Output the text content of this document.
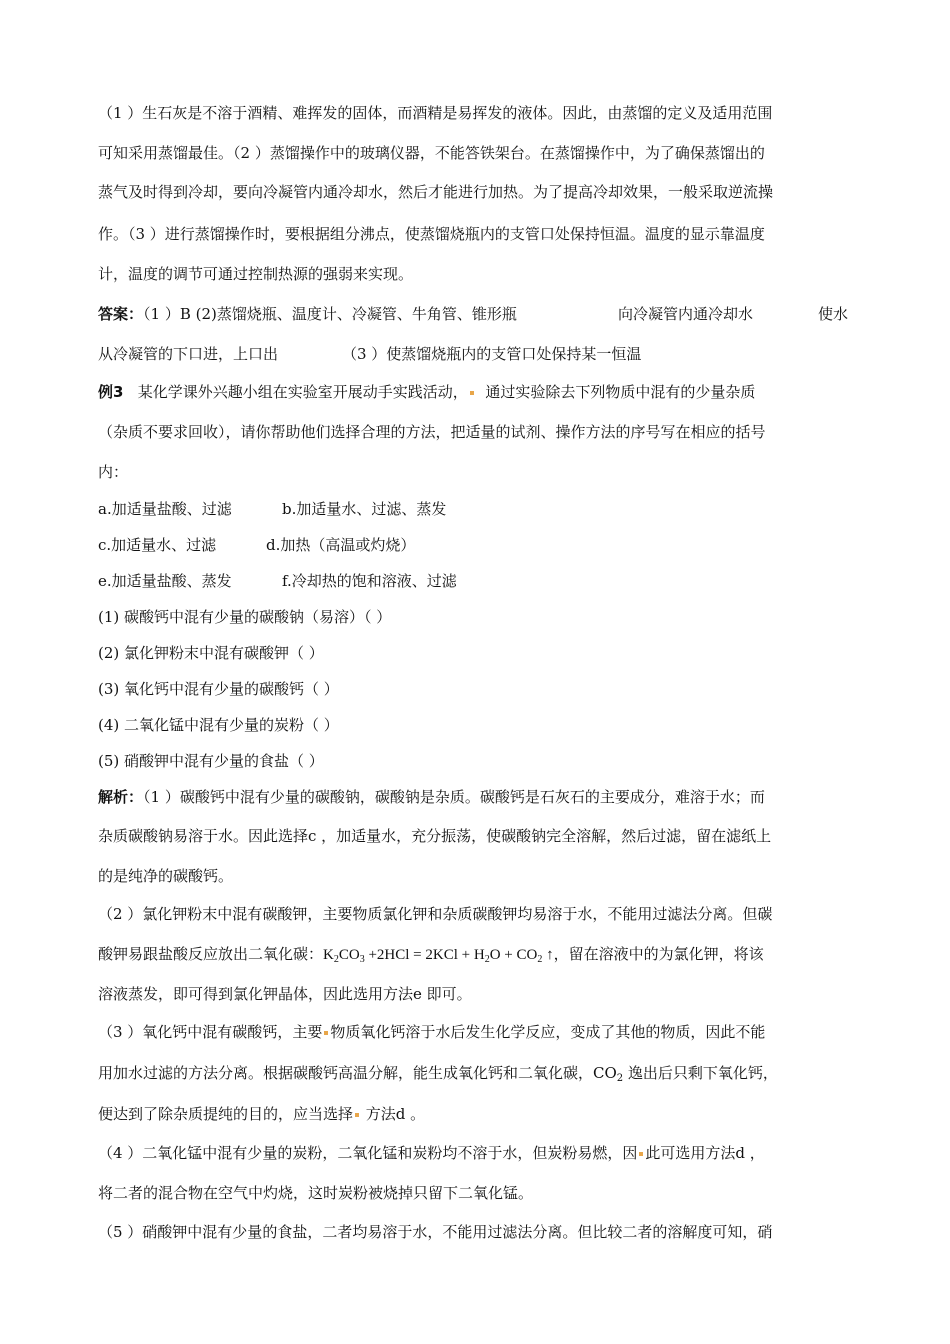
（1 ）生石灰是不溶于酒精、难挥发的固体，而酒精是易挥发的液体。因此，由蒸馏的定义及适用范围
可知采用蒸馏最佳。（2 ）蒸馏操作中的玻璃仪器，不能答铁架台。在蒸馏操作中，为了确保蒸馏出的
蒸气及时得到冷却，要向冷凝管内通冷却水，然后才能进行加热。为了提高冷却效果，一般采取逆流操
作。（3 ）进行蒸馏操作时，要根据组分沸点，使蒸馏烧瓶内的支管口处保持恒温。温度的显示靠温度
计，温度的调节可通过控制热源的强弱来实现。
答案：（1 ）B (2)蒸馏烧瓶、温度计、冷凝管、牛角管、锥形瓶	向冷凝管内通冷却水	使水
从冷凝管的下口进，上口出	（3 ）使蒸馏烧瓶内的支管口处保持某一恒温
例3 某化学课外兴趣小组在实验室开展动手实践活动， 通过实验除去下列物质中混有的少量杂质
（杂质不要求回收），请你帮助他们选择合理的方法，把适量的试剂、操作方法的序号写在相应的括号
内：
a.加适量盐酸、过滤	b.加适量水、过滤、蒸发
c.加适量水、过滤	d.加热（高温或灼烧）
e.加适量盐酸、蒸发	f.冷却热的饱和溶液、过滤
(1) 碳酸钙中混有少量的碳酸钠（易溶）（ ）
(2) 氯化钾粉末中混有碳酸钾（ ）
(3) 氧化钙中混有少量的碳酸钙（ ）
(4) 二氧化锰中混有少量的炭粉（ ）
(5) 硝酸钾中混有少量的食盐（ ）
解析：（1 ）碳酸钙中混有少量的碳酸钠，碳酸钠是杂质。碳酸钙是石灰石的主要成分，难溶于水；而
杂质碳酸钠易溶于水。因此选择c ，加适量水，充分振荡，使碳酸钠完全溶解，然后过滤，留在滤纸上
的是纯净的碳酸钙。
（2 ）氯化钾粉末中混有碳酸钾，主要物质氯化钾和杂质碳酸钾均易溶于水，不能用过滤法分离。但碳
酸钾易跟盐酸反应放出二氧化碳：$K_2CO_3 +2HCl = 2KCl + H_2O + CO_2$ ↑，留在溶液中的为氯化钾，将该
溶液蒸发，即可得到氯化钾晶体，因此选用方法e 即可。
（3 ）氧化钙中混有碳酸钙，主要 物质氧化钙溶于水后发生化学反应，变成了其他的物质，因此不能
用加水过滤的方法分离。根据碳酸钙高温分解，能生成氧化钙和二氧化碳，$CO_2$ 逸出后只剩下氧化钙，
便达到了除杂质提纯的目的，应当选择 方法d 。
（4 ）二氧化锰中混有少量的炭粉，二氧化锰和炭粉均不溶于水，但炭粉易燃，因 此可选用方法d ，
将二者的混合物在空气中灼烧，这时炭粉被烧掉只留下二氧化锰。
（5 ）硝酸钾中混有少量的食盐，二者均易溶于水，不能用过滤法分离。但比较二者的溶解度可知，硝
